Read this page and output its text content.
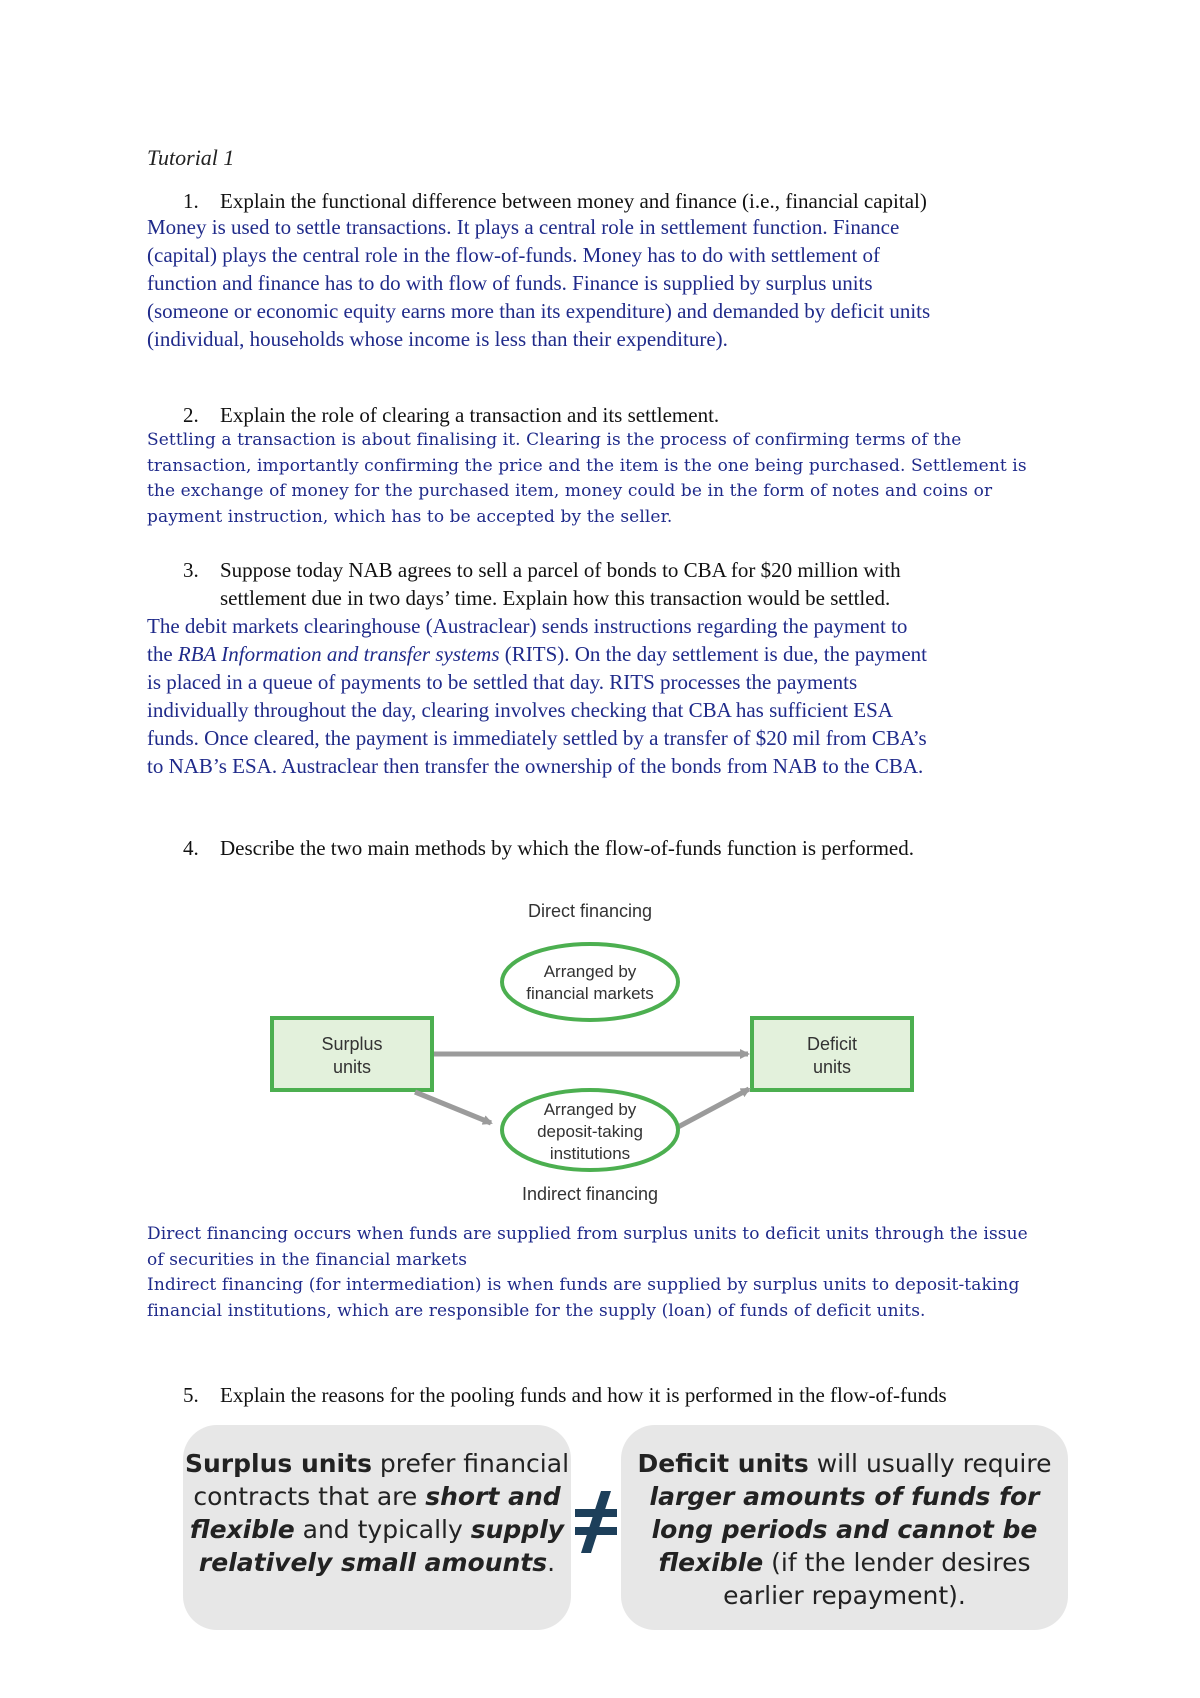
Tutorial 1
1. Explain the functional difference between money and finance (i.e., financial capital)
Money is used to settle transactions. It plays a central role in settlement function. Finance
(capital) plays the central role in the flow-of-funds. Money has to do with settlement of
function and finance has to do with flow of funds. Finance is supplied by surplus units
(someone or economic equity earns more than its expenditure) and demanded by deficit units
(individual, households whose income is less than their expenditure).
2. Explain the role of clearing a transaction and its settlement.
Settling a transaction is about finalising it. Clearing is the process of confirming terms of the
transaction, importantly confirming the price and the item is the one being purchased. Settlement is
the exchange of money for the purchased item, money could be in the form of notes and coins or
payment instruction, which has to be accepted by the seller.
3. Suppose today NAB agrees to sell a parcel of bonds to CBA for $20 million with
settlement due in two days’ time. Explain how this transaction would be settled.
The debit markets clearinghouse (Austraclear) sends instructions regarding the payment to
the RBA Information and transfer systems (RITS). On the day settlement is due, the payment
is placed in a queue of payments to be settled that day. RITS processes the payments
individually throughout the day, clearing involves checking that CBA has sufficient ESA
funds. Once cleared, the payment is immediately settled by a transfer of $20 mil from CBA’s
to NAB’s ESA. Austraclear then transfer the ownership of the bonds from NAB to the CBA.
4. Describe the two main methods by which the flow-of-funds function is performed.
Direct financing
Arranged by
financial markets
Surplus
units
Deficit
units
Arranged by
deposit-taking
institutions
Indirect financing
Direct financing occurs when funds are supplied from surplus units to deficit units through the issue
of securities in the financial markets
Indirect financing (for intermediation) is when funds are supplied by surplus units to deposit-taking
financial institutions, which are responsible for the supply (loan) of funds of deficit units.
5. Explain the reasons for the pooling funds and how it is performed in the flow-of-funds
Surplus units prefer financial
contracts that are short and
flexible and typically supply
relatively small amounts.
Deficit units will usually require
larger amounts of funds for
long periods and cannot be
flexible (if the lender desires
earlier repayment).
